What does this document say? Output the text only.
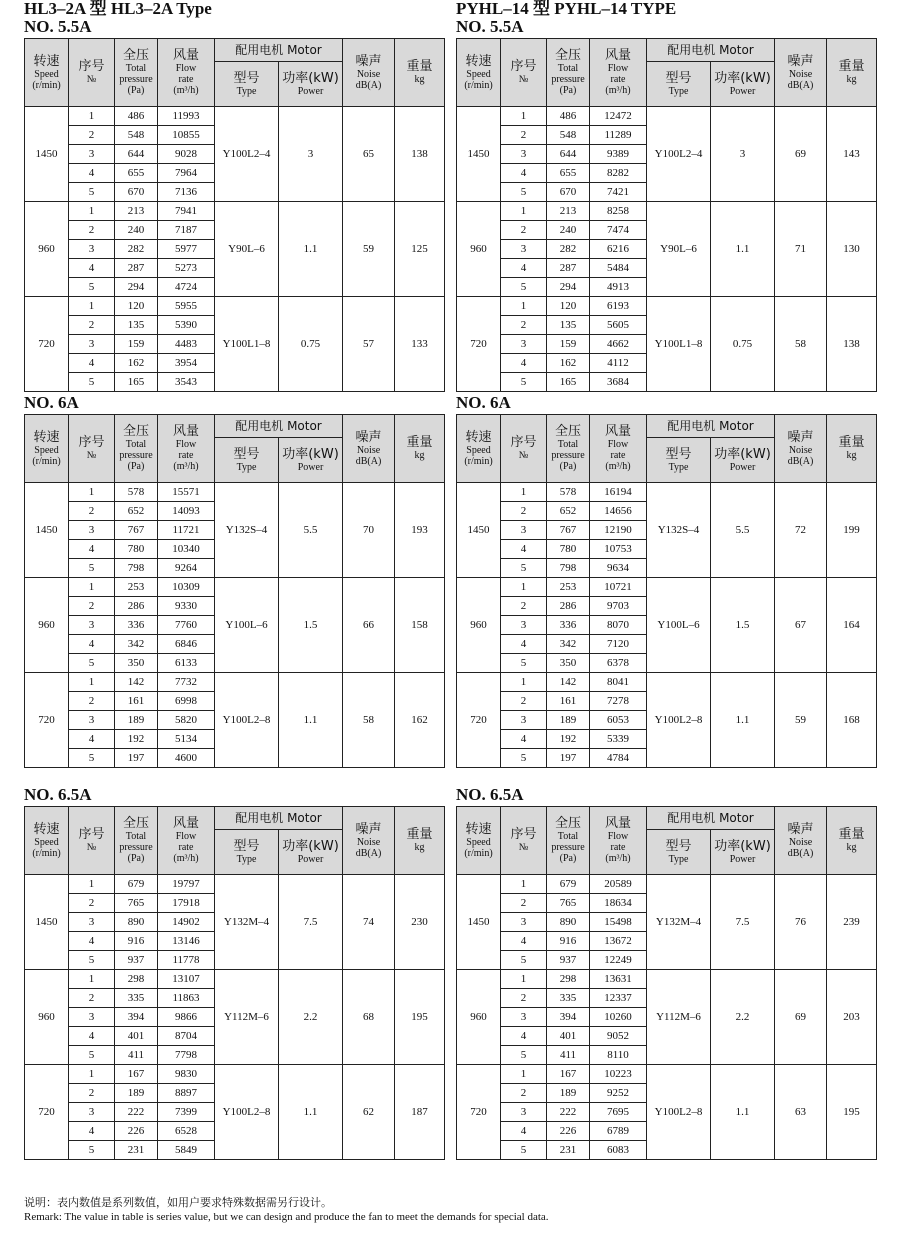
HL3–2A 型 HL3–2A Type
NO. 5.5A
转速
Speed
(r/min)	序号
№	全压
Total
pressure
(Pa)	风量
Flow
rate
(m³/h)	配用电机 Motor		噪声
Noise
dB(A)	重量
kg

				型号
Type	功率(kW)
Power		

1450	1	486	11993	Y100L2–4	3	65	138
	2	548	10855				
	3	644	9028				
	4	655	7964				
	5	670	7136				
960	1	213	7941	Y90L–6	1.1	59	125
	2	240	7187				
	3	282	5977				
	4	287	5273				
	5	294	4724				
720	1	120	5955	Y100L1–8	0.75	57	133
	2	135	5390				
	3	159	4483				
	4	162	3954				
	5	165	3543				
NO. 6A
转速
Speed
(r/min)	序号
№	全压
Total
pressure
(Pa)	风量
Flow
rate
(m³/h)	配用电机 Motor		噪声
Noise
dB(A)	重量
kg

				型号
Type	功率(kW)
Power		

1450	1	578	15571	Y132S–4	5.5	70	193
	2	652	14093				
	3	767	11721				
	4	780	10340				
	5	798	9264				
960	1	253	10309	Y100L–6	1.5	66	158
	2	286	9330				
	3	336	7760				
	4	342	6846				
	5	350	6133				
720	1	142	7732	Y100L2–8	1.1	58	162
	2	161	6998				
	3	189	5820				
	4	192	5134				
	5	197	4600				
NO. 6.5A
转速
Speed
(r/min)	序号
№	全压
Total
pressure
(Pa)	风量
Flow
rate
(m³/h)	配用电机 Motor		噪声
Noise
dB(A)	重量
kg

				型号
Type	功率(kW)
Power		

1450	1	679	19797	Y132M–4	7.5	74	230
	2	765	17918				
	3	890	14902				
	4	916	13146				
	5	937	11778				
960	1	298	13107	Y112M–6	2.2	68	195
	2	335	11863				
	3	394	9866				
	4	401	8704				
	5	411	7798				
720	1	167	9830	Y100L2–8	1.1	62	187
	2	189	8897				
	3	222	7399				
	4	226	6528				
	5	231	5849				
PYHL–14 型 PYHL–14 TYPE
NO. 5.5A
转速
Speed
(r/min)	序号
№	全压
Total
pressure
(Pa)	风量
Flow
rate
(m³/h)	配用电机 Motor		噪声
Noise
dB(A)	重量
kg

				型号
Type	功率(kW)
Power		

1450	1	486	12472	Y100L2–4	3	69	143
	2	548	11289				
	3	644	9389				
	4	655	8282				
	5	670	7421				
960	1	213	8258	Y90L–6	1.1	71	130
	2	240	7474				
	3	282	6216				
	4	287	5484				
	5	294	4913				
720	1	120	6193	Y100L1–8	0.75	58	138
	2	135	5605				
	3	159	4662				
	4	162	4112				
	5	165	3684				
NO. 6A
转速
Speed
(r/min)	序号
№	全压
Total
pressure
(Pa)	风量
Flow
rate
(m³/h)	配用电机 Motor		噪声
Noise
dB(A)	重量
kg

				型号
Type	功率(kW)
Power		

1450	1	578	16194	Y132S–4	5.5	72	199
	2	652	14656				
	3	767	12190				
	4	780	10753				
	5	798	9634				
960	1	253	10721	Y100L–6	1.5	67	164
	2	286	9703				
	3	336	8070				
	4	342	7120				
	5	350	6378				
720	1	142	8041	Y100L2–8	1.1	59	168
	2	161	7278				
	3	189	6053				
	4	192	5339				
	5	197	4784				
NO. 6.5A
转速
Speed
(r/min)	序号
№	全压
Total
pressure
(Pa)	风量
Flow
rate
(m³/h)	配用电机 Motor		噪声
Noise
dB(A)	重量
kg

				型号
Type	功率(kW)
Power		

1450	1	679	20589	Y132M–4	7.5	76	239
	2	765	18634				
	3	890	15498				
	4	916	13672				
	5	937	12249				
960	1	298	13631	Y112M–6	2.2	69	203
	2	335	12337				
	3	394	10260				
	4	401	9052				
	5	411	8110				
720	1	167	10223	Y100L2–8	1.1	63	195
	2	189	9252				
	3	222	7695				
	4	226	6789				
	5	231	6083				
说明：表内数值是系列数值，如用户要求特殊数据需另行设计。
Remark: The value in table is series value, but we can design and produce the fan to meet the demands for special data.
